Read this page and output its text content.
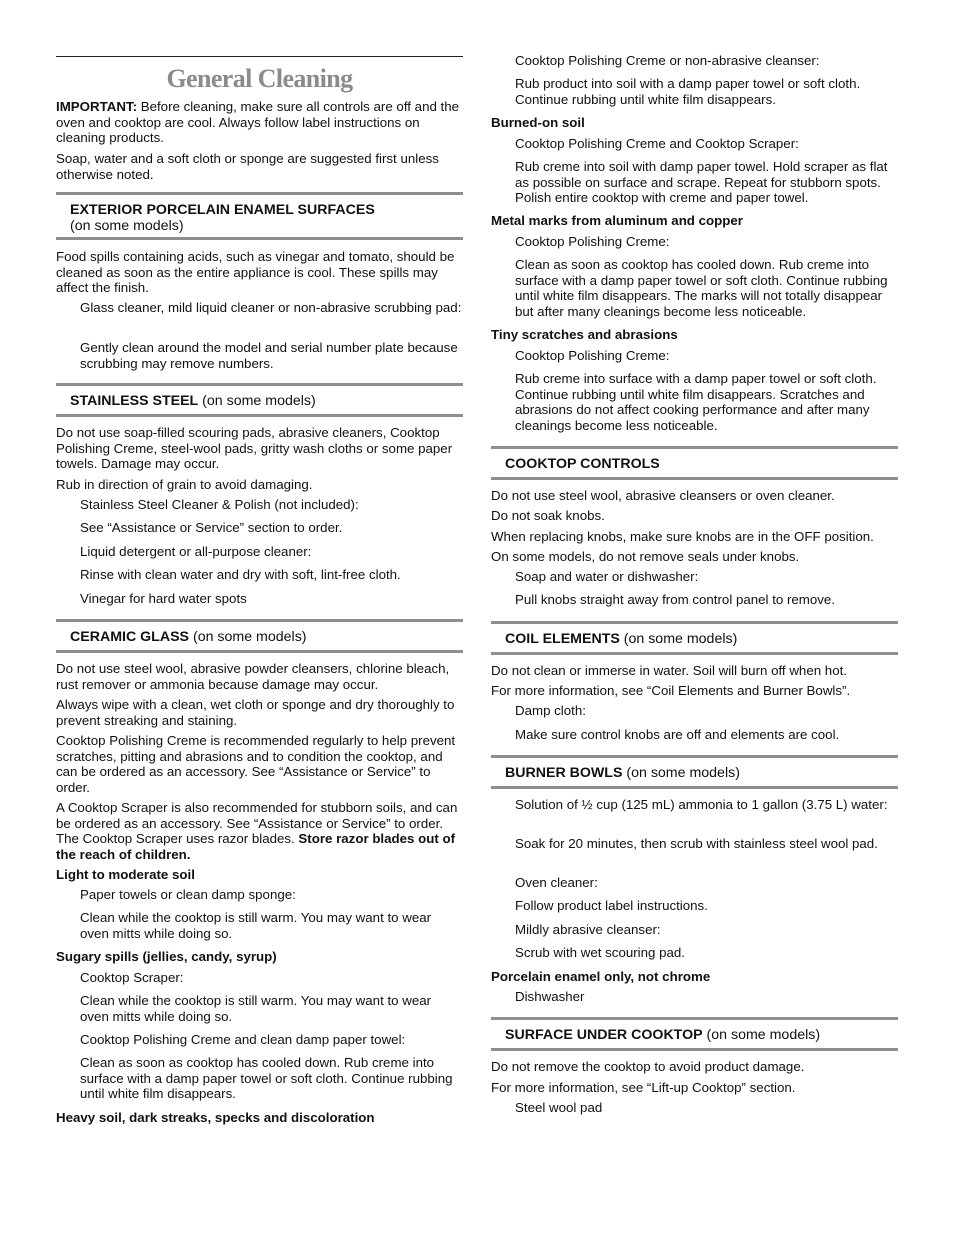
General Cleaning

IMPORTANT: Before cleaning, make sure all controls are off and the oven and cooktop are cool. Always follow label instructions on cleaning products.

Soap, water and a soft cloth or sponge are suggested first unless otherwise noted.

EXTERIOR PORCELAIN ENAMEL SURFACES
(on some models)

Food spills containing acids, such as vinegar and tomato, should be cleaned as soon as the entire appliance is cool. These spills may affect the finish.

Glass cleaner, mild liquid cleaner or non-abrasive scrubbing pad:

Gently clean around the model and serial number plate because scrubbing may remove numbers.

STAINLESS STEEL (on some models)

Do not use soap-filled scouring pads, abrasive cleaners, Cooktop Polishing Creme, steel-wool pads, gritty wash cloths or some paper towels. Damage may occur.

Rub in direction of grain to avoid damaging.

Stainless Steel Cleaner & Polish (not included):

See “Assistance or Service” section to order.

Liquid detergent or all-purpose cleaner:

Rinse with clean water and dry with soft, lint-free cloth.

Vinegar for hard water spots

CERAMIC GLASS (on some models)

Do not use steel wool, abrasive powder cleansers, chlorine bleach, rust remover or ammonia because damage may occur.

Always wipe with a clean, wet cloth or sponge and dry thoroughly to prevent streaking and staining.

Cooktop Polishing Creme is recommended regularly to help prevent scratches, pitting and abrasions and to condition the cooktop, and can be ordered as an accessory. See “Assistance or Service” to order.

A Cooktop Scraper is also recommended for stubborn soils, and can be ordered as an accessory. See “Assistance or Service” to order. The Cooktop Scraper uses razor blades. Store razor blades out of the reach of children.

Light to moderate soil

Paper towels or clean damp sponge:

Clean while the cooktop is still warm. You may want to wear oven mitts while doing so.

Sugary spills (jellies, candy, syrup)

Cooktop Scraper:

Clean while the cooktop is still warm. You may want to wear oven mitts while doing so.

Cooktop Polishing Creme and clean damp paper towel:

Clean as soon as cooktop has cooled down. Rub creme into surface with a damp paper towel or soft cloth. Continue rubbing until white film disappears.

Heavy soil, dark streaks, specks and discoloration

Cooktop Polishing Creme or non-abrasive cleanser:

Rub product into soil with a damp paper towel or soft cloth. Continue rubbing until white film disappears.

Burned-on soil

Cooktop Polishing Creme and Cooktop Scraper:

Rub creme into soil with damp paper towel. Hold scraper as flat as possible on surface and scrape. Repeat for stubborn spots. Polish entire cooktop with creme and paper towel.

Metal marks from aluminum and copper

Cooktop Polishing Creme:

Clean as soon as cooktop has cooled down. Rub creme into surface with a damp paper towel or soft cloth. Continue rubbing until white film disappears. The marks will not totally disappear but after many cleanings become less noticeable.

Tiny scratches and abrasions

Cooktop Polishing Creme:

Rub creme into surface with a damp paper towel or soft cloth. Continue rubbing until white film disappears. Scratches and abrasions do not affect cooking performance and after many cleanings become less noticeable.

COOKTOP CONTROLS

Do not use steel wool, abrasive cleansers or oven cleaner.

Do not soak knobs.

When replacing knobs, make sure knobs are in the OFF position.

On some models, do not remove seals under knobs.

Soap and water or dishwasher:

Pull knobs straight away from control panel to remove.

COIL ELEMENTS (on some models)

Do not clean or immerse in water. Soil will burn off when hot.

For more information, see “Coil Elements and Burner Bowls”.

Damp cloth:

Make sure control knobs are off and elements are cool.

BURNER BOWLS (on some models)

Solution of ½ cup (125 mL) ammonia to 1 gallon (3.75 L) water:

Soak for 20 minutes, then scrub with stainless steel wool pad.

Oven cleaner:

Follow product label instructions.

Mildly abrasive cleanser:

Scrub with wet scouring pad.

Porcelain enamel only, not chrome

Dishwasher

SURFACE UNDER COOKTOP (on some models)

Do not remove the cooktop to avoid product damage.

For more information, see “Lift-up Cooktop” section.

Steel wool pad
